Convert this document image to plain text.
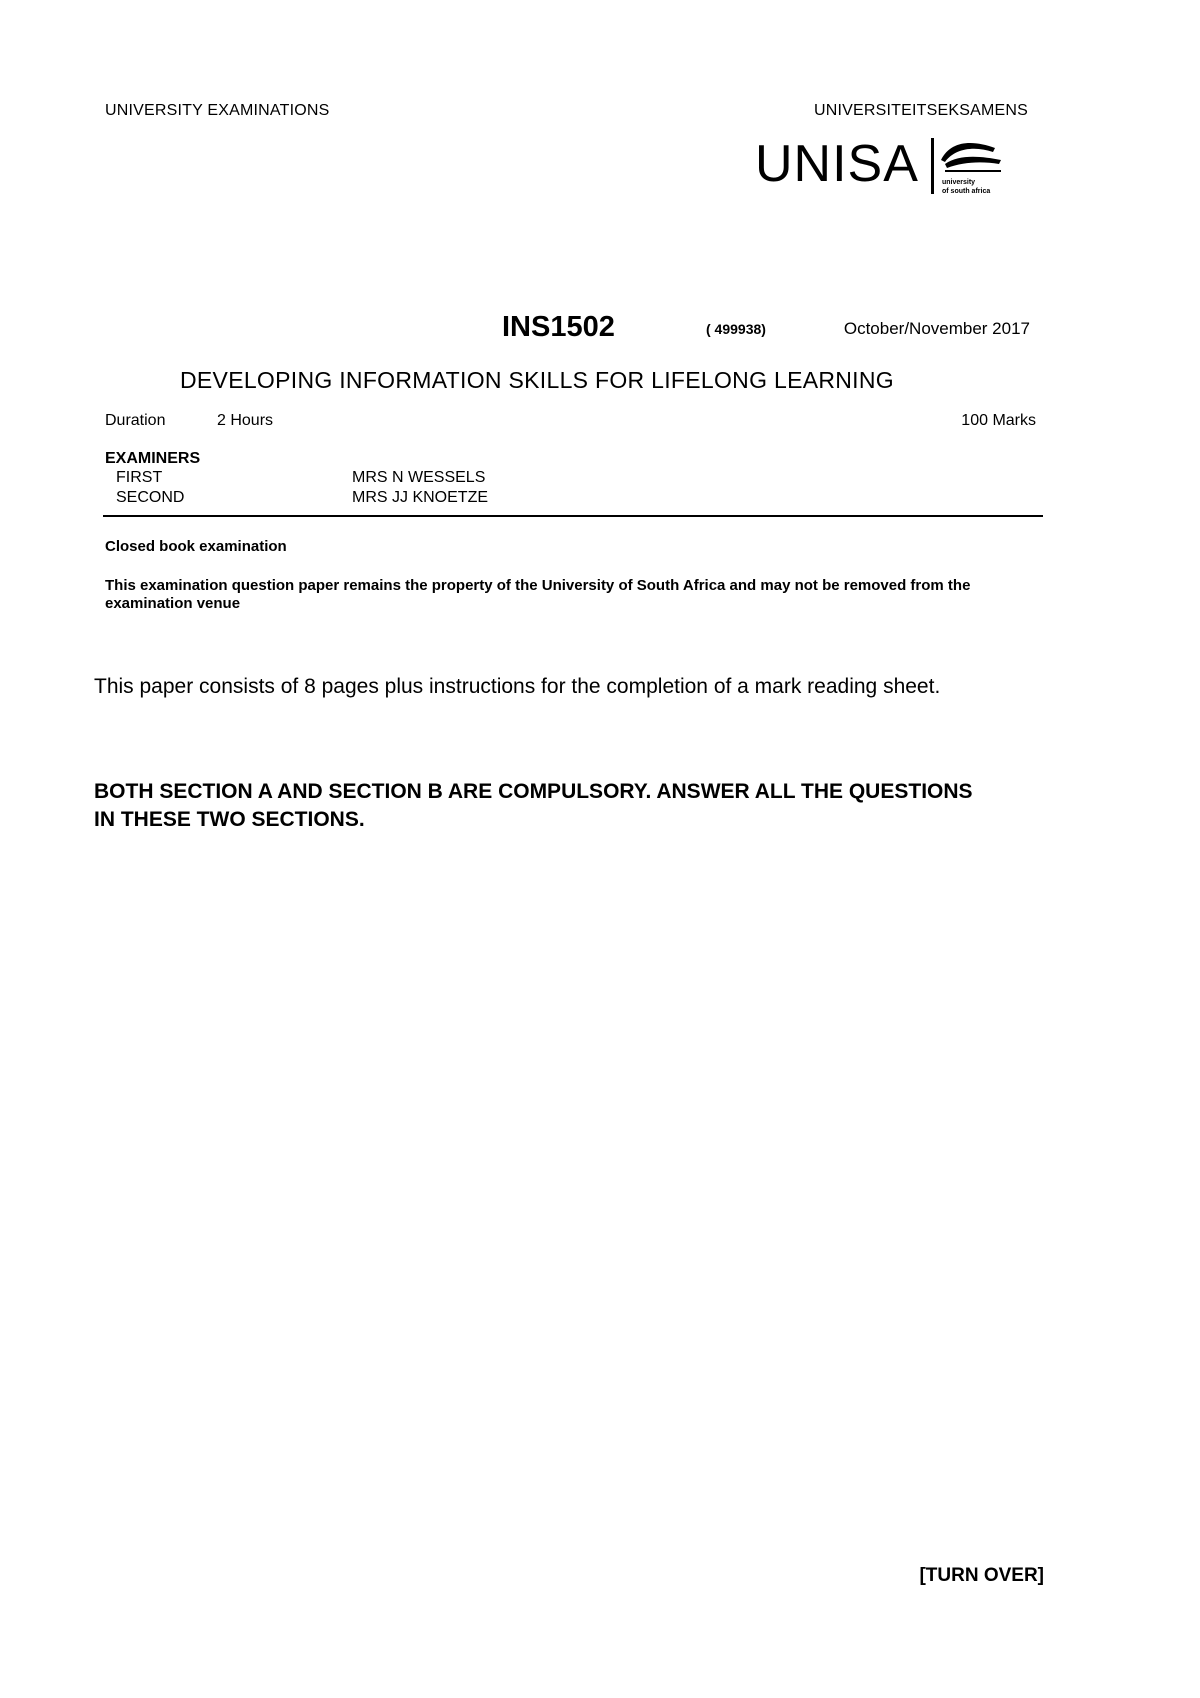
UNIVERSITY EXAMINATIONS	UNIVERSITEITSEKSAMENS
UNISA	university
of south africa
INS1502	( 499938)	October/November 2017
DEVELOPING INFORMATION SKILLS FOR LIFELONG LEARNING
Duration	2 Hours	100 Marks
EXAMINERS
FIRST	MRS N WESSELS
SECOND	MRS JJ KNOETZE
Closed book examination
This examination question paper remains the property of the University of South Africa and may not be removed from the examination venue
This paper consists of 8 pages plus instructions for the completion of a mark reading sheet.
BOTH SECTION A AND SECTION B ARE COMPULSORY. ANSWER ALL THE QUESTIONS IN THESE TWO SECTIONS.
[TURN OVER]
